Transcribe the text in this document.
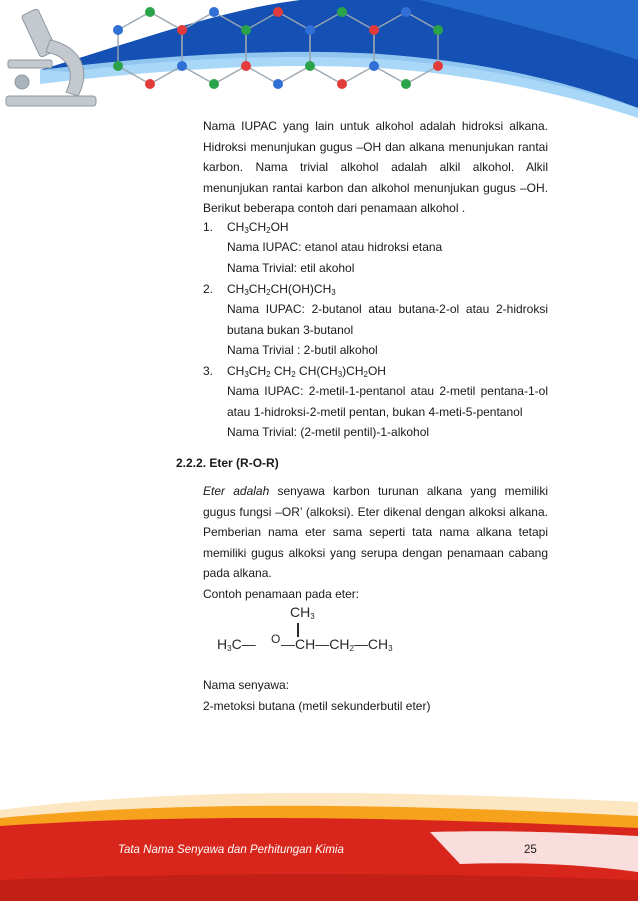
Nama IUPAC yang lain untuk alkohol adalah hidroksi alkana. Hidroksi menunjukan gugus –OH dan alkana menunjukan rantai karbon. Nama trivial alkohol adalah alkil alkohol. Alkil menunjukan rantai karbon dan alkohol menunjukan gugus –OH. Berikut beberapa contoh dari penamaan alkohol .

1. $CH_3CH_2OH$
Nama IUPAC: etanol atau hidroksi etana
Nama Trivial: etil akohol
2. $CH_3CH_2CH(OH)CH_3$
Nama IUPAC: 2-butanol atau butana-2-ol atau 2-hidroksi butana bukan 3-butanol
Nama Trivial : 2-butil alkohol
3. $CH_3CH_2$ $CH_2$ $CH(CH_3)CH_2OH$
Nama IUPAC: 2-metil-1-pentanol atau 2-metil pentana-1-ol atau 1-hidroksi-2-metil pentan, bukan 4-meti-5-pentanol
Nama Trivial: (2-metil pentil)-1-alkohol
2.2.2. Eter (R-O-R)

Eter adalah senyawa karbon turunan alkana yang memiliki gugus fungsi –OR’ (alkoksi). Eter dikenal dengan alkoksi alkana. Pemberian nama eter sama seperti tata nama alkana tetapi memiliki gugus alkoksi yang serupa dengan penamaan cabang pada alkana.

Contoh penamaan pada eter:
$CH_3$
$H_3C—$ O $—CH—CH_2—CH_3$
Nama senyawa:
2-metoksi butana (metil sekunderbutil eter)
Tata Nama Senyawa dan Perhitungan Kimia	25
